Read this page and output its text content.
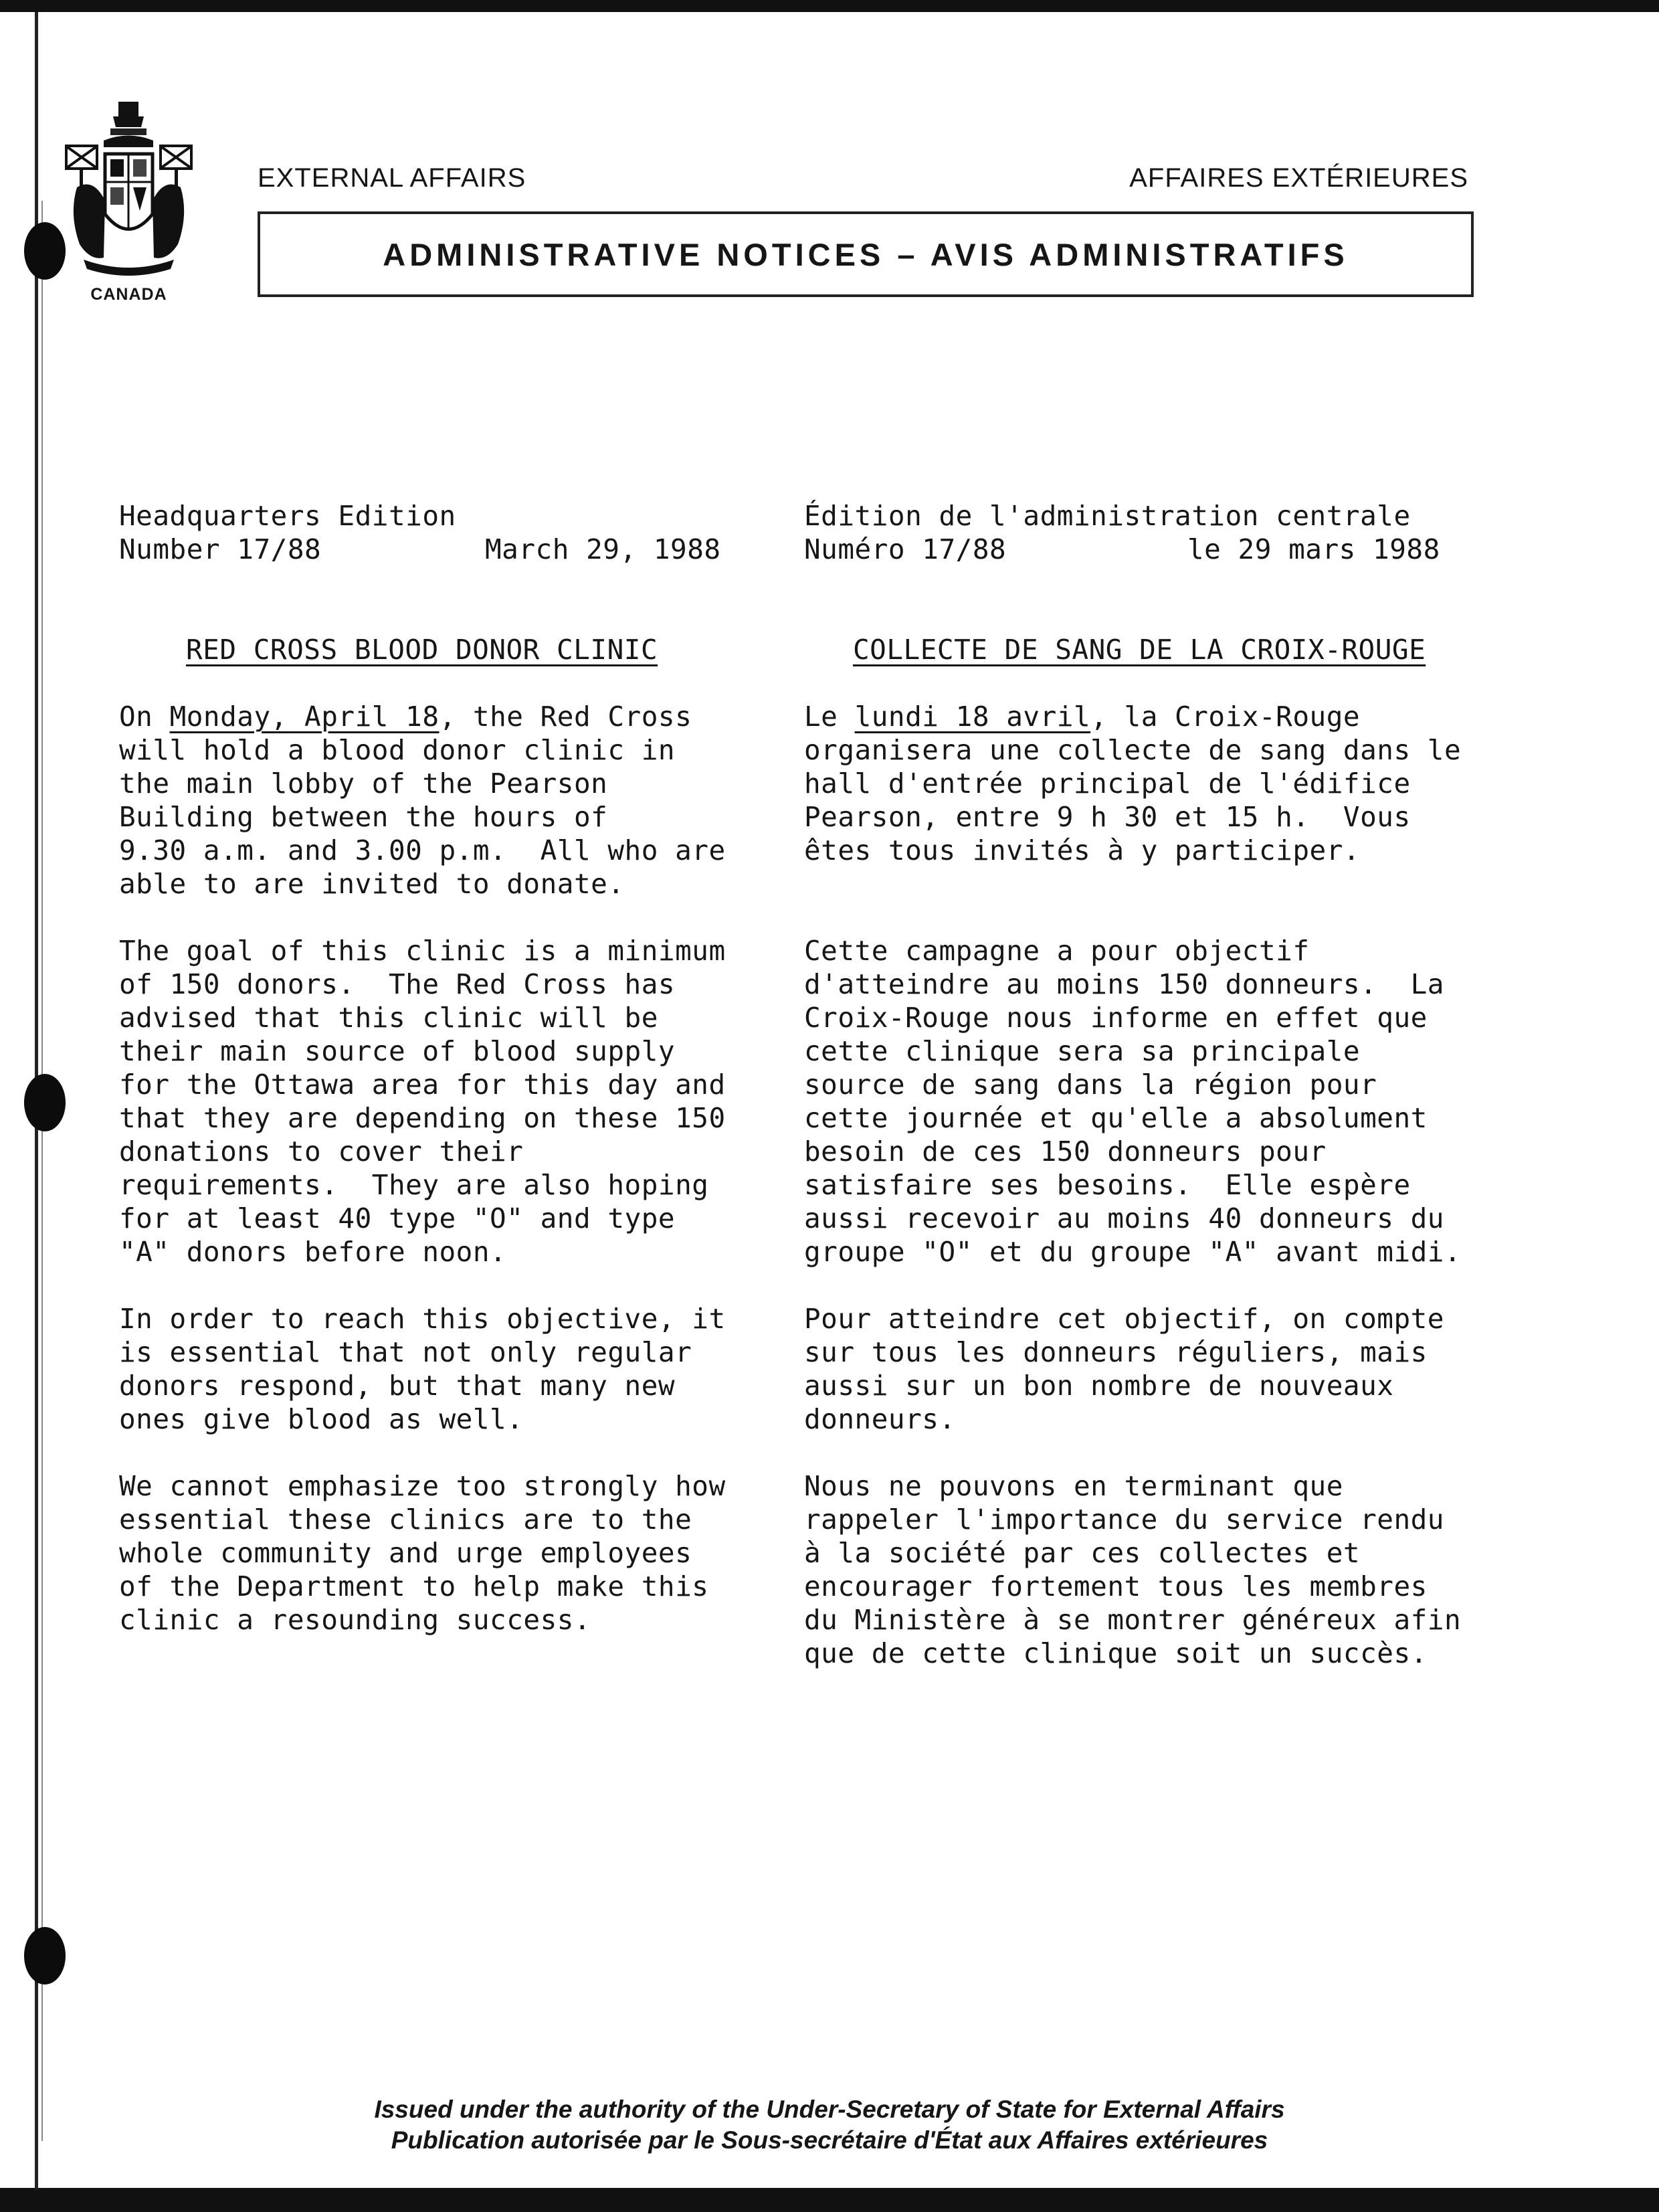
CANADA
EXTERNAL AFFAIRS	AFFAIRES EXTÉRIEURES
ADMINISTRATIVE NOTICES – AVIS ADMINISTRATIFS
Headquarters Edition
Number 17/88	March 29, 1988
RED CROSS BLOOD DONOR CLINIC
On Monday, April 18, the Red Cross
will hold a blood donor clinic in
the main lobby of the Pearson
Building between the hours of
9.30 a.m. and 3.00 p.m.  All who are
able to are invited to donate.
The goal of this clinic is a minimum
of 150 donors.  The Red Cross has
advised that this clinic will be
their main source of blood supply
for the Ottawa area for this day and
that they are depending on these 150
donations to cover their
requirements.  They are also hoping
for at least 40 type "O" and type
"A" donors before noon.
In order to reach this objective, it
is essential that not only regular
donors respond, but that many new
ones give blood as well.
We cannot emphasize too strongly how
essential these clinics are to the
whole community and urge employees
of the Department to help make this
clinic a resounding success.
Édition de l'administration centrale
Numéro 17/88	le 29 mars 1988
COLLECTE DE SANG DE LA CROIX-ROUGE
Le lundi 18 avril, la Croix-Rouge
organisera une collecte de sang dans le
hall d'entrée principal de l'édifice
Pearson, entre 9 h 30 et 15 h.  Vous
êtes tous invités à y participer.
Cette campagne a pour objectif
d'atteindre au moins 150 donneurs.  La
Croix-Rouge nous informe en effet que
cette clinique sera sa principale
source de sang dans la région pour
cette journée et qu'elle a absolument
besoin de ces 150 donneurs pour
satisfaire ses besoins.  Elle espère
aussi recevoir au moins 40 donneurs du
groupe "O" et du groupe "A" avant midi.
Pour atteindre cet objectif, on compte
sur tous les donneurs réguliers, mais
aussi sur un bon nombre de nouveaux
donneurs.
Nous ne pouvons en terminant que
rappeler l'importance du service rendu
à la société par ces collectes et
encourager fortement tous les membres
du Ministère à se montrer généreux afin
que de cette clinique soit un succès.
Issued under the authority of the Under-Secretary of State for External Affairs
Publication autorisée par le Sous-secrétaire d'État aux Affaires extérieures
